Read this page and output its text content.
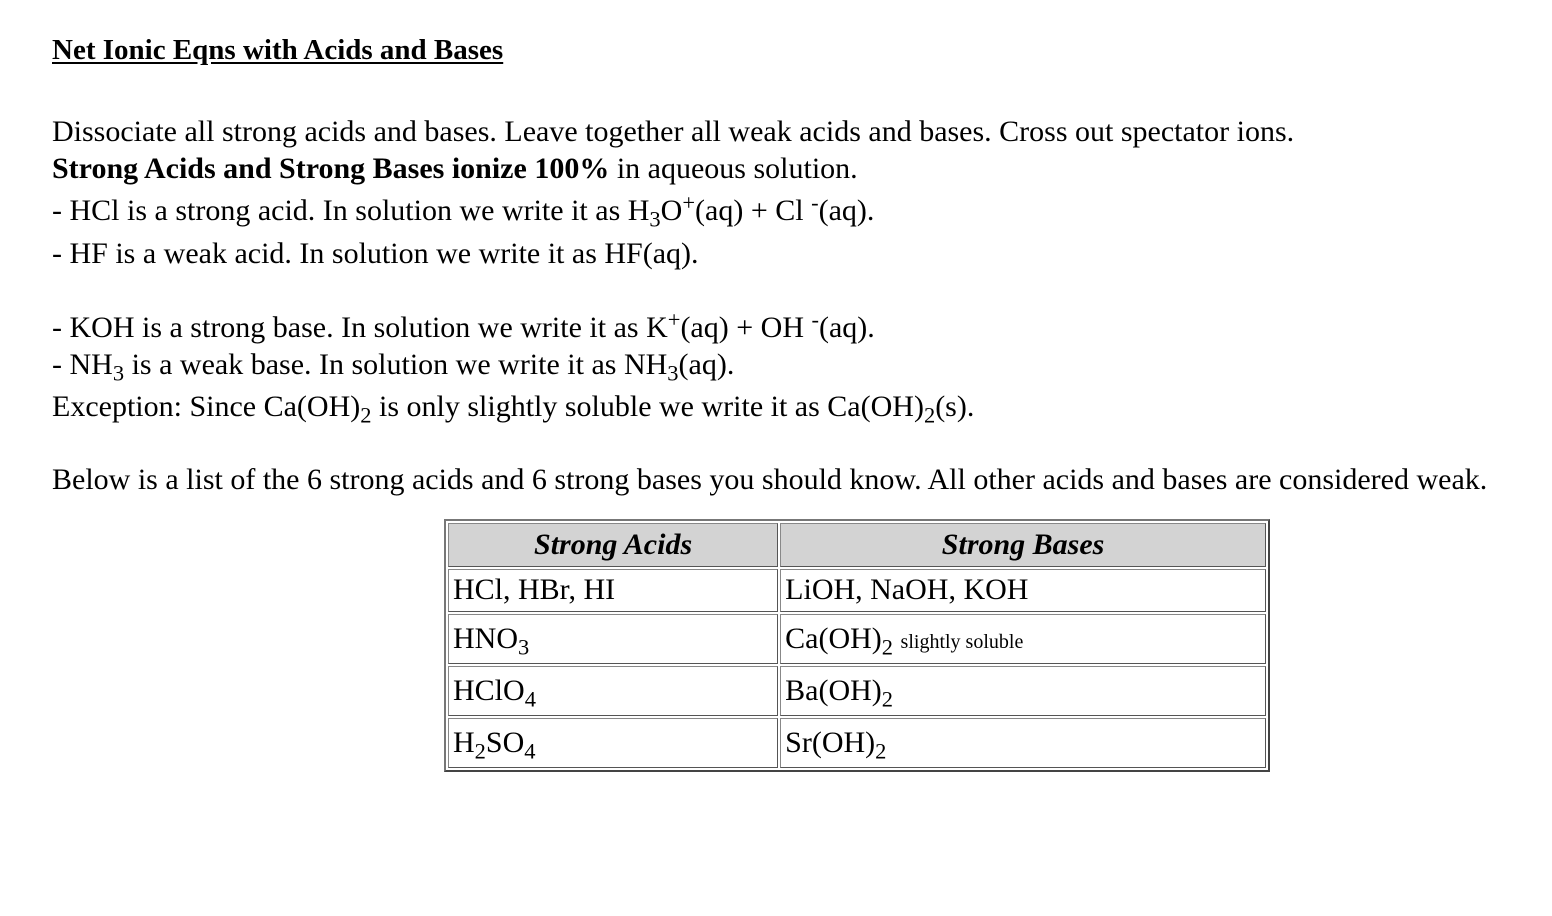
Net Ionic Eqns with Acids and Bases

Dissociate all strong acids and bases. Leave together all weak acids and bases. Cross out spectator ions.

Strong Acids and Strong Bases ionize 100% in aqueous solution.

- HCl is a strong acid. In solution we write it as $H_3O^+(aq) + Cl$ -(aq).

- HF is a weak acid. In solution we write it as HF(aq).

- KOH is a strong base. In solution we write it as K+(aq) + OH -(aq).

- $NH_3$ is a weak base. In solution we write it as $NH_3(aq)$.

Exception: Since $Ca(OH)_2$ is only slightly soluble we write it as $Ca(OH)_2(s)$.

Below is a list of the 6 strong acids and 6 strong bases you should know. All other acids and bases are considered weak.

Strong Acids	Strong Bases
HCl, HBr, HI	LiOH, NaOH, KOH
$HNO_3$	$Ca(OH)_2$ slightly soluble
HClO$_4$	$Ba(OH)_2$
$H_2SO_4$	$Sr(OH)_2$
